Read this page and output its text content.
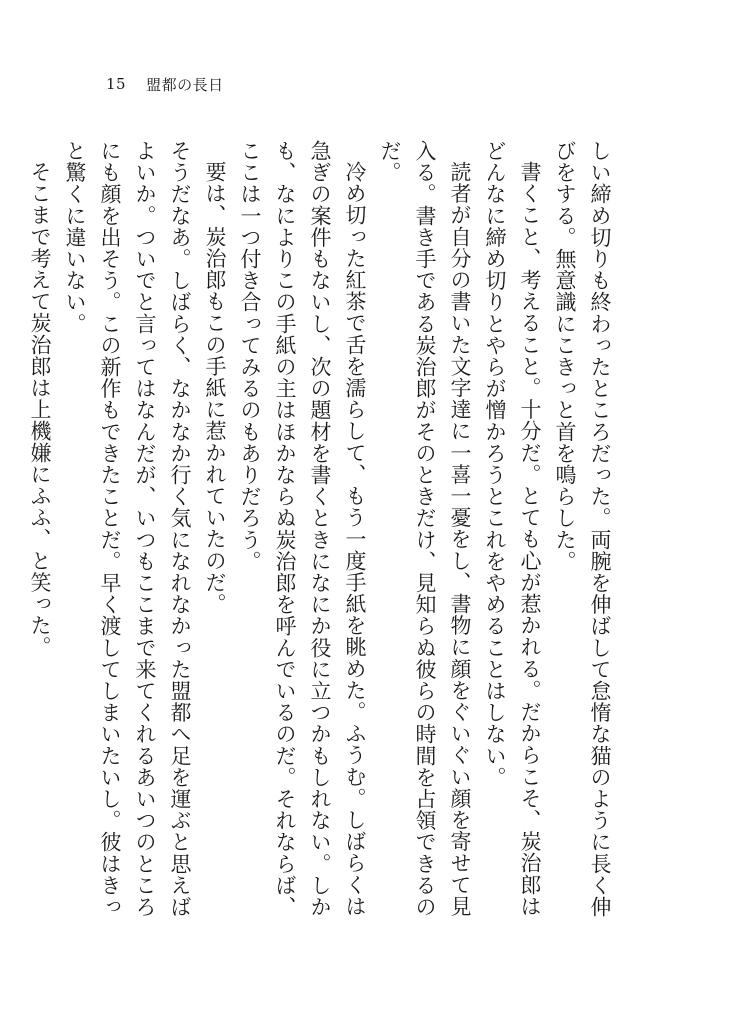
15 盟都の長日

しい締め切りも終わったところだった。両腕を伸ばして怠惰な猫のように長く伸びをする。無意識にこきっと首を鳴らした。

書くこと、考えること。十分だ。とても心が惹かれる。だからこそ、炭治郎はどんなに締め切りとやらが憎かろうとこれをやめることはしない。

読者が自分の書いた文字達に一喜一憂をし、書物に顔をぐいぐい顔を寄せて見入る。書き手である炭治郎がそのときだけ、見知らぬ彼らの時間を占領できるのだ。

冷め切った紅茶で舌を濡らして、もう一度手紙を眺めた。ふうむ。しばらくは急ぎの案件もないし、次の題材を書くときになにか役に立つかもしれない。しかも、なによりこの手紙の主はほかならぬ炭治郎を呼んでいるのだ。それならば、ここは一つ付き合ってみるのもありだろう。

要は、炭治郎もこの手紙に惹かれていたのだ。

そうだなあ。しばらく、なかなか行く気になれなかった盟都へ足を運ぶと思えばよいか。ついでと言ってはなんだが、いつもここまで来てくれるあいつのところにも顔を出そう。この新作もできたことだ。早く渡してしまいたいし。彼はきっと驚くに違いない。

そこまで考えて炭治郎は上機嫌にふふ、と笑った。
